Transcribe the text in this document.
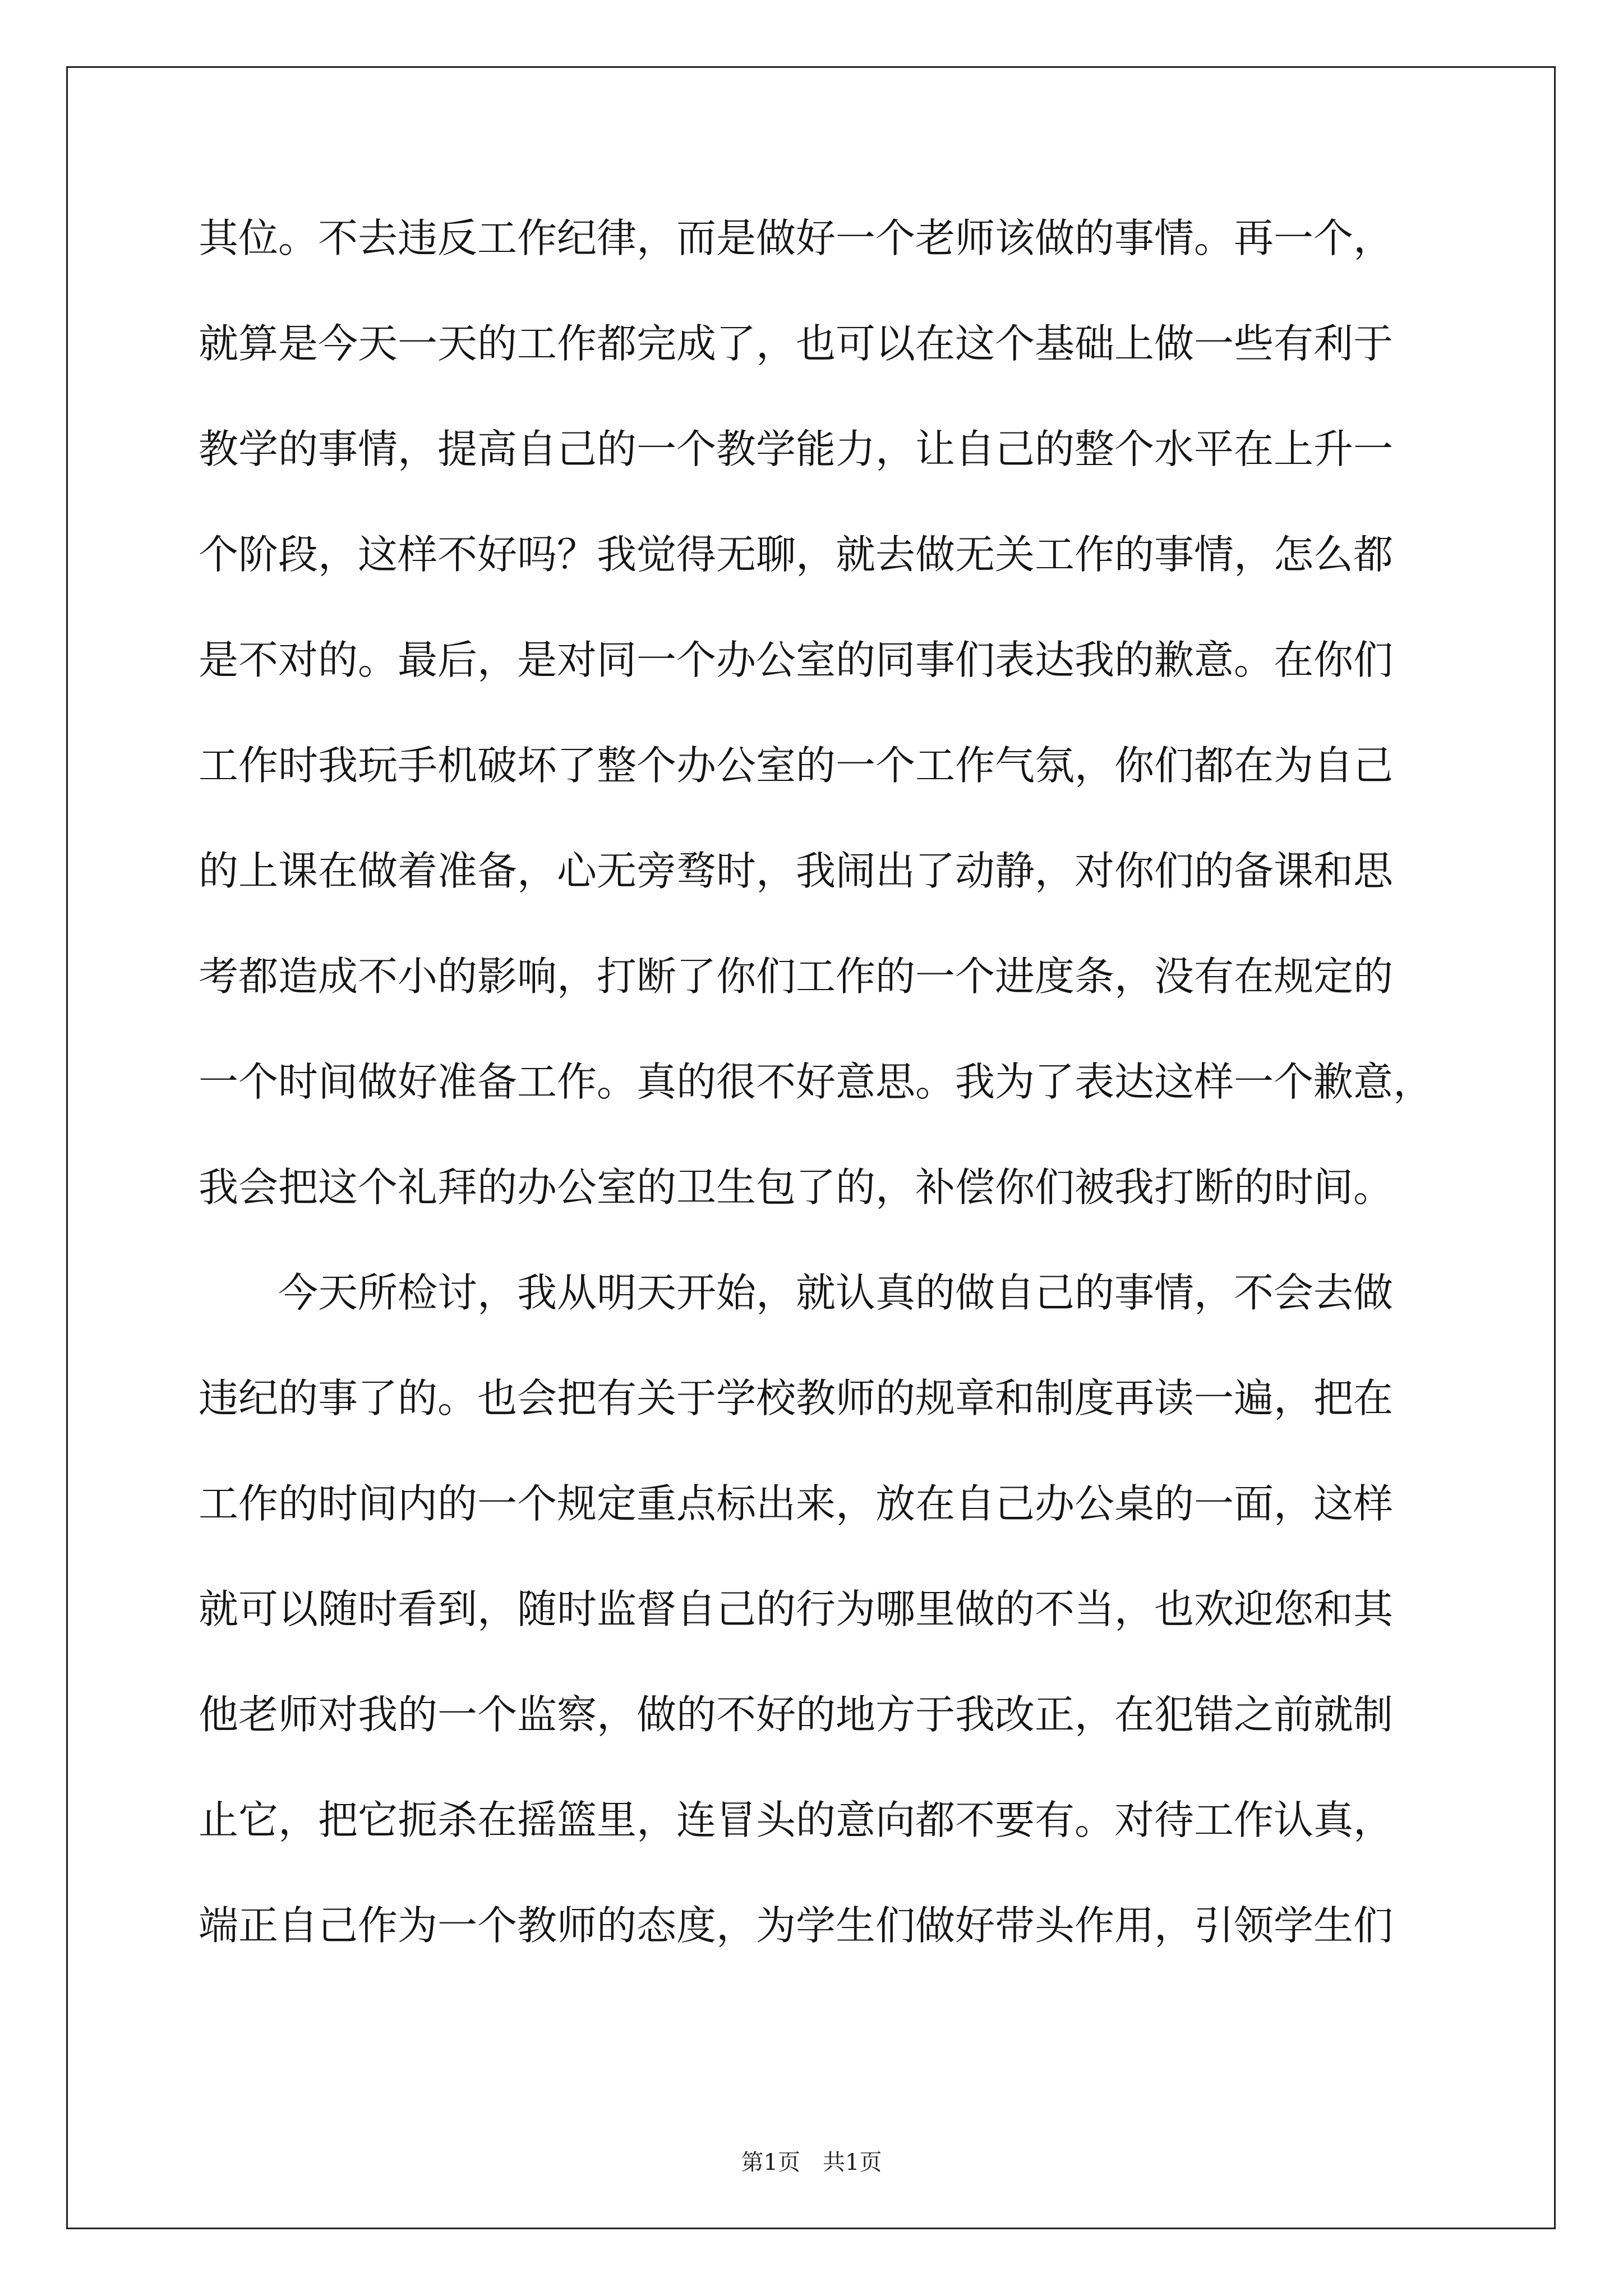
其位。不去违反工作纪律，而是做好一个老师该做的事情。再一个，
就算是今天一天的工作都完成了，也可以在这个基础上做一些有利于
教学的事情，提高自己的一个教学能力，让自己的整个水平在上升一
个阶段，这样不好吗？我觉得无聊，就去做无关工作的事情，怎么都
是不对的。最后，是对同一个办公室的同事们表达我的歉意。在你们
工作时我玩手机破坏了整个办公室的一个工作气氛，你们都在为自己
的上课在做着准备，心无旁骛时，我闹出了动静，对你们的备课和思
考都造成不小的影响，打断了你们工作的一个进度条，没有在规定的
一个时间做好准备工作。真的很不好意思。我为了表达这样一个歉意，
我会把这个礼拜的办公室的卫生包了的，补偿你们被我打断的时间。
今天所检讨，我从明天开始，就认真的做自己的事情，不会去做
违纪的事了的。也会把有关于学校教师的规章和制度再读一遍，把在
工作的时间内的一个规定重点标出来，放在自己办公桌的一面，这样
就可以随时看到，随时监督自己的行为哪里做的不当，也欢迎您和其
他老师对我的一个监察，做的不好的地方于我改正，在犯错之前就制
止它，把它扼杀在摇篮里，连冒头的意向都不要有。对待工作认真，
端正自己作为一个教师的态度，为学生们做好带头作用，引领学生们
第1页　共1页
